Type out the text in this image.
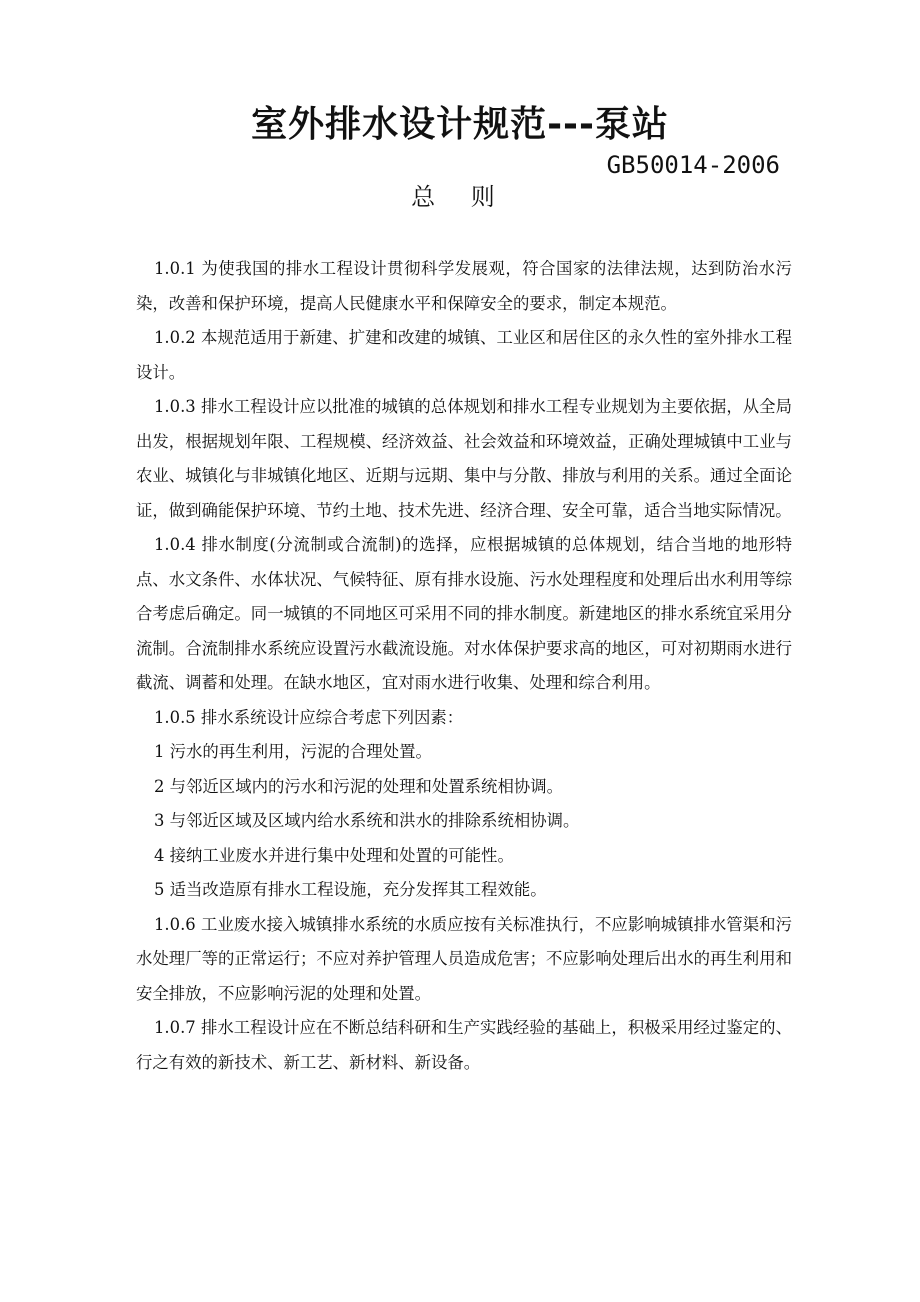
室外排水设计规范---泵站
GB50014-2006
总 则

1.0.1 为使我国的排水工程设计贯彻科学发展观，符合国家的法律法规，达到防治水污染，改善和保护环境，提高人民健康水平和保障安全的要求，制定本规范。

1.0.2 本规范适用于新建、扩建和改建的城镇、工业区和居住区的永久性的室外排水工程设计。

1.0.3 排水工程设计应以批准的城镇的总体规划和排水工程专业规划为主要依据，从全局出发，根据规划年限、工程规模、经济效益、社会效益和环境效益，正确处理城镇中工业与农业、城镇化与非城镇化地区、近期与远期、集中与分散、排放与利用的关系。通过全面论证，做到确能保护环境、节约土地、技术先进、经济合理、安全可靠，适合当地实际情况。

1.0.4 排水制度(分流制或合流制)的选择，应根据城镇的总体规划，结合当地的地形特点、水文条件、水体状况、气候特征、原有排水设施、污水处理程度和处理后出水利用等综合考虑后确定。同一城镇的不同地区可采用不同的排水制度。新建地区的排水系统宜采用分流制。合流制排水系统应设置污水截流设施。对水体保护要求高的地区，可对初期雨水进行截流、调蓄和处理。在缺水地区，宜对雨水进行收集、处理和综合利用。

1.0.5 排水系统设计应综合考虑下列因素：

1 污水的再生利用，污泥的合理处置。

2 与邻近区域内的污水和污泥的处理和处置系统相协调。

3 与邻近区域及区域内给水系统和洪水的排除系统相协调。

4 接纳工业废水并进行集中处理和处置的可能性。

5 适当改造原有排水工程设施，充分发挥其工程效能。

1.0.6 工业废水接入城镇排水系统的水质应按有关标准执行，不应影响城镇排水管渠和污水处理厂等的正常运行；不应对养护管理人员造成危害；不应影响处理后出水的再生利用和安全排放，不应影响污泥的处理和处置。

1.0.7 排水工程设计应在不断总结科研和生产实践经验的基础上，积极采用经过鉴定的、行之有效的新技术、新工艺、新材料、新设备。
